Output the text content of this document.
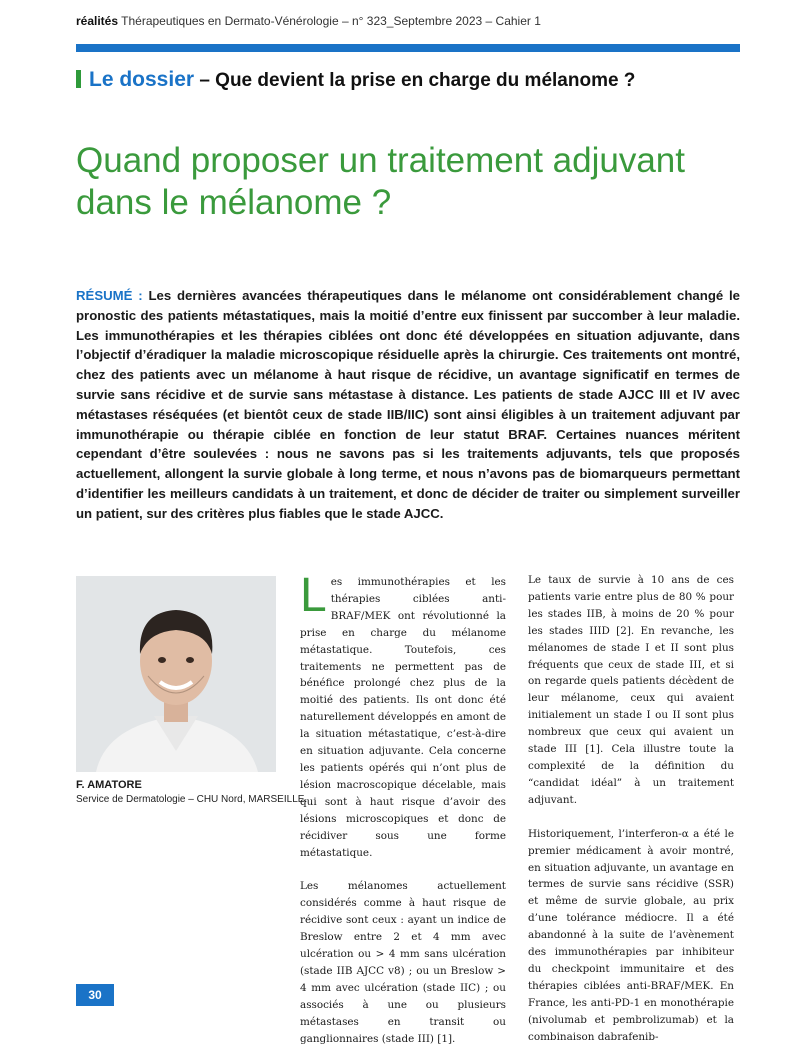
réalités Thérapeutiques en Dermato-Vénérologie – n° 323_Septembre 2023 – Cahier 1
Le dossier – Que devient la prise en charge du mélanome ?
Quand proposer un traitement adjuvant
dans le mélanome ?
RÉSUMÉ : Les dernières avancées thérapeutiques dans le mélanome ont considérablement changé le pronostic des patients métastatiques, mais la moitié d’entre eux finissent par succomber à leur maladie. Les immunothérapies et les thérapies ciblées ont donc été développées en situation adjuvante, dans l’objectif d’éradiquer la maladie microscopique résiduelle après la chirurgie. Ces traitements ont montré, chez des patients avec un mélanome à haut risque de récidive, un avantage significatif en termes de survie sans récidive et de survie sans métastase à distance. Les patients de stade AJCC III et IV avec métastases réséquées (et bientôt ceux de stade IIB/IIC) sont ainsi éligibles à un traitement adjuvant par immunothérapie ou thérapie ciblée en fonction de leur statut BRAF. Certaines nuances méritent cependant d’être soulevées : nous ne savons pas si les traitements adjuvants, tels que proposés actuellement, allongent la survie globale à long terme, et nous n’avons pas de biomarqueurs permettant d’identifier les meilleurs candidats à un traitement, et donc de décider de traiter ou simplement surveiller un patient, sur des critères plus fiables que le stade AJCC.
F. AMATORE
Service de Dermatologie – CHU Nord, MARSEILLE.

Les immunothérapies et les thérapies ciblées anti-BRAF/MEK ont révolutionné la prise en charge du mélanome métastatique. Toutefois, ces traitements ne permettent pas de bénéfice prolongé chez plus de la moitié des patients. Ils ont donc été naturellement développés en amont de la situation métastatique, c’est-à-dire en situation adjuvante. Cela concerne les patients opérés qui n’ont plus de lésion macroscopique décelable, mais qui sont à haut risque d’avoir des lésions microscopiques et donc de récidiver sous une forme métastatique.

Les mélanomes actuellement considérés comme à haut risque de récidive sont ceux : ayant un indice de Breslow entre 2 et 4 mm avec ulcération ou > 4 mm sans ulcération (stade IIB AJCC v8) ; ou un Breslow > 4 mm avec ulcération (stade IIC) ; ou associés à une ou plusieurs métastases en transit ou ganglionnaires (stade III) [1].

Le taux de survie à 10 ans de ces patients varie entre plus de 80 % pour les stades IIB, à moins de 20 % pour les stades IIID [2]. En revanche, les mélanomes de stade I et II sont plus fréquents que ceux de stade III, et si on regarde quels patients décèdent de leur mélanome, ceux qui avaient initialement un stade I ou II sont plus nombreux que ceux qui avaient un stade III [1]. Cela illustre toute la complexité de la définition du “candidat idéal” à un traitement adjuvant.

Historiquement, l’interferon-α a été le premier médicament à avoir montré, en situation adjuvante, un avantage en termes de survie sans récidive (SSR) et même de survie globale, au prix d’une tolérance médiocre. Il a été abandonné à la suite de l’avènement des immunothérapies par inhibiteur du checkpoint immunitaire et des thérapies ciblées anti-BRAF/MEK. En France, les anti-PD-1 en monothérapie (nivolumab et pembrolizumab) et la combinaison dabrafenib-

30
